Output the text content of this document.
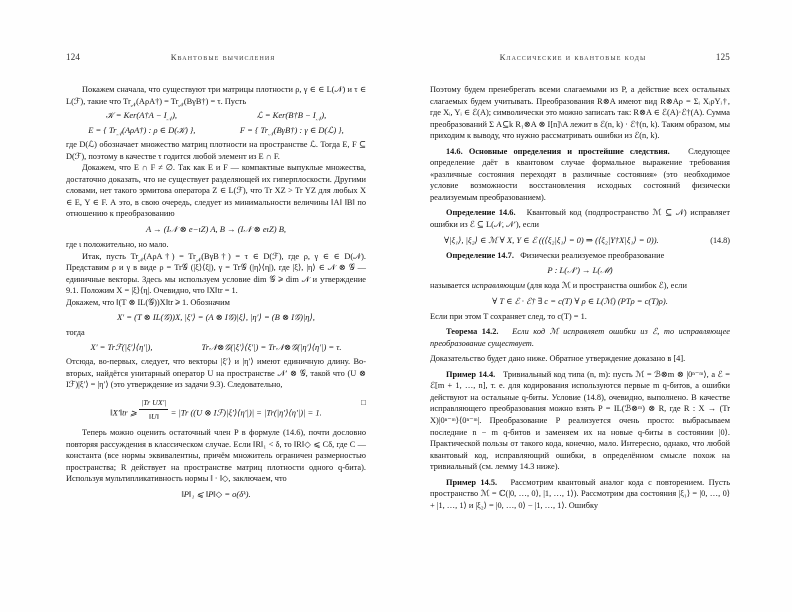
124	квантовые вычисления

Покажем сначала, что существуют три матрицы плотности ρ, γ ∈ ∈ L(𝒩) и τ ∈ L(ℱ), такие что $Tr_𝒩(A\rho A\dagger)$ = $Tr_𝒩(B\gamma B\dagger) = \tau$. Пусть

𝒦 = Ker(A†A − $I_𝒩$),	ℒ = Ker(B†B − $I_𝒩$),
E = { $Tr_𝒩(A\rho A\dagger)$ : ρ ∈ D(𝒦) },	F = { $Tr_𝒩(B\gamma B\dagger)$ : γ ∈ D(ℒ) },

где D(ℒ) обозначает множество матриц плотности на пространстве ℒ. Тогда E, F ⊆ D(ℱ), поэтому в качестве τ годится любой элемент из E ∩ F.

Докажем, что E ∩ F ≠ ∅. Так как E и F — компактные выпуклые множества, достаточно доказать, что не существует разделяющей их гиперплоскости. Другими словами, нет такого эрмитова оператора Z ∈ L(ℱ), что Tr XZ > Tr YZ для любых X ∈ E, Y ∈ F. А это, в свою очередь, следует из минимальности величины ‖A‖ ‖B‖ по отношению к преобразованию

A → (I𝒩 ⊗ e−ιZ) A, B → (I𝒩 ⊗ eιZ) B,

где ι положительно, но мало.

Итак, пусть $Tr_𝒩(A\rho A\dagger)$ = $Tr_𝒩(B\gamma B\dagger) = \tau$ ∈ D(ℱ), где ρ, γ ∈ ∈ D(𝒩). Представим ρ и γ в виде ρ = Tr𝒢 (|ξ⟩⟨ξ|), γ = Tr𝒢 (|η⟩⟨η|), где |ξ⟩, |η⟩ ∈ 𝒩 ⊗ 𝒢 — единичные векторы. Здесь мы используем условие dim 𝒢 ⩾ dim 𝒩 и утверждение 9.1. Положим X = |ξ⟩⟨η|. Очевидно, что ‖X‖tr = 1.

Докажем, что ‖(T ⊗ IL(𝒢))X‖tr ⩾ 1. Обозначим

X′ = (T ⊗ IL(𝒢))X, |ξ′⟩ = (A ⊗ I𝒢)|ξ⟩, |η′⟩ = (B ⊗ I𝒢)|η⟩,

тогда

X′ = Trℱ(|ξ′⟩⟨η′|),	Tr𝒩⊗𝒢(|ξ′⟩⟨ξ′|) = Tr𝒩⊗𝒢(|η′⟩⟨η′|) = τ.

Отсюда, во-первых, следует, что векторы |ξ′⟩ и |η′⟩ имеют единичную длину. Во-вторых, найдётся унитарный оператор U на пространстве 𝒩′ ⊗ 𝒢, такой что (U ⊗ Iℱ)|ξ′⟩ = |η′⟩ (это утверждение из задачи 9.3). Следовательно,

‖X′‖tr ⩾ $\frac{\text{|Tr UX′|}}{‖U‖} = |Tr$ ((U ⊗ Iℱ)|ξ′⟩⟨η′|)| = |Tr(|η′⟩⟨η′|)| = 1.
□

Теперь можно оценить остаточный член P в формуле (14.6), почти дословно повторяя рассуждения в классическом случае. Если ‖R‖₁ < δ, то ‖R‖◇ ⩽ Cδ, где C — константа (все нормы эквивалентны, причём множитель ограничен размерностью пространства; R действует на пространстве матриц плотности одного q-бита). Используя мультипликативность нормы ‖ · ‖◇, заключаем, что

‖P‖₁ ⩽ ‖P‖◇ = o(δᵏ).
Классические и квантовые коды	125

Поэтому будем пренебрегать всеми слагаемыми из P, а действие всех остальных слагаемых будем учитывать. Преобразования R⊗A имеют вид R⊗Aρ = Σᵢ XᵢρYᵢ†, где Xᵢ, Yᵢ ∈ ℰ(A); символически это можно записать так: R⊗A ∈ ℰ(A)·ℰ†(A). Сумма преобразований Σ A⊆k R₁⊗A ⊗ I[n]\A лежит в ℰ(n, k) · ℰ†(n, k). Таким образом, мы приходим к выводу, что нужно рассматривать ошибки из ℰ(n, k).

14.6. Основные определения и простейшие следствия. Следующее определение даёт в квантовом случае формальное выражение требования «различные состояния переходят в различные состояния» (это необходимое условие возможности восстановления исходных состояний физически реализуемым преобразованием).

Определение 14.6. Квантовый код (подпространство ℳ ⊆ 𝒩) исправляет ошибки из ℰ ⊆ L(𝒩, 𝒩′), если

∀|ξ₁⟩, |ξ₂⟩ ∈ ℳ ∀ X, Y ∈ ℰ ((⟨ξ₂|ξ₁⟩ = 0) ⇒ (⟨ξ₂|Y†X|ξ₁⟩ = 0)).	(14.8)

Определение 14.7. Физически реализуемое преобразование

P : L(𝒩′) → L(ℳ)

называется исправляющим (для кода ℳ и пространства ошибок ℰ), если

∀ T ∈ ℰ · ℰ† ∃ c = c(T) ∀ ρ ∈ L(ℳ) (PTρ = c(T)ρ).

Если при этом T сохраняет след, то c(T) = 1.

Теорема 14.2. Если код ℳ исправляет ошибки из ℰ, то исправляющее преобразование существует.

Доказательство будет дано ниже. Обратное утверждение доказано в [4].

Пример 14.4. Тривиальный код типа (n, m): пусть ℳ = ℬ⊗m ⊗ |0ⁿ⁻ᵐ⟩, а ℰ = ℰ[m + 1, …, n], т. е. для кодирования используются первые m q-битов, а ошибки действуют на остальные q-биты. Условие (14.8), очевидно, выполнено. В качестве исправляющего преобразования можно взять P = IL(ℬ⊗ᵐ) ⊗ R, где R : X → (Tr X)|0ⁿ⁻ᵐ⟩⟨0ⁿ⁻ᵐ|. Преобразование P реализуется очень просто: выбрасываем последние n − m q-битов и заменяем их на новые q-биты в состоянии |0⟩. Практической пользы от такого кода, конечно, мало. Интересно, однако, что любой квантовый код, исправляющий ошибки, в определённом смысле похож на тривиальный (см. лемму 14.3 ниже).

Пример 14.5. Рассмотрим квантовый аналог кода с повторением. Пусть пространство ℳ = ℂ(|0, …, 0⟩, |1, …, 1⟩). Рассмотрим два состояния |ξ₁⟩ = |0, …, 0⟩ + |1, …, 1⟩ и |ξ₂⟩ = |0, …, 0⟩ − |1, …, 1⟩. Ошибку
